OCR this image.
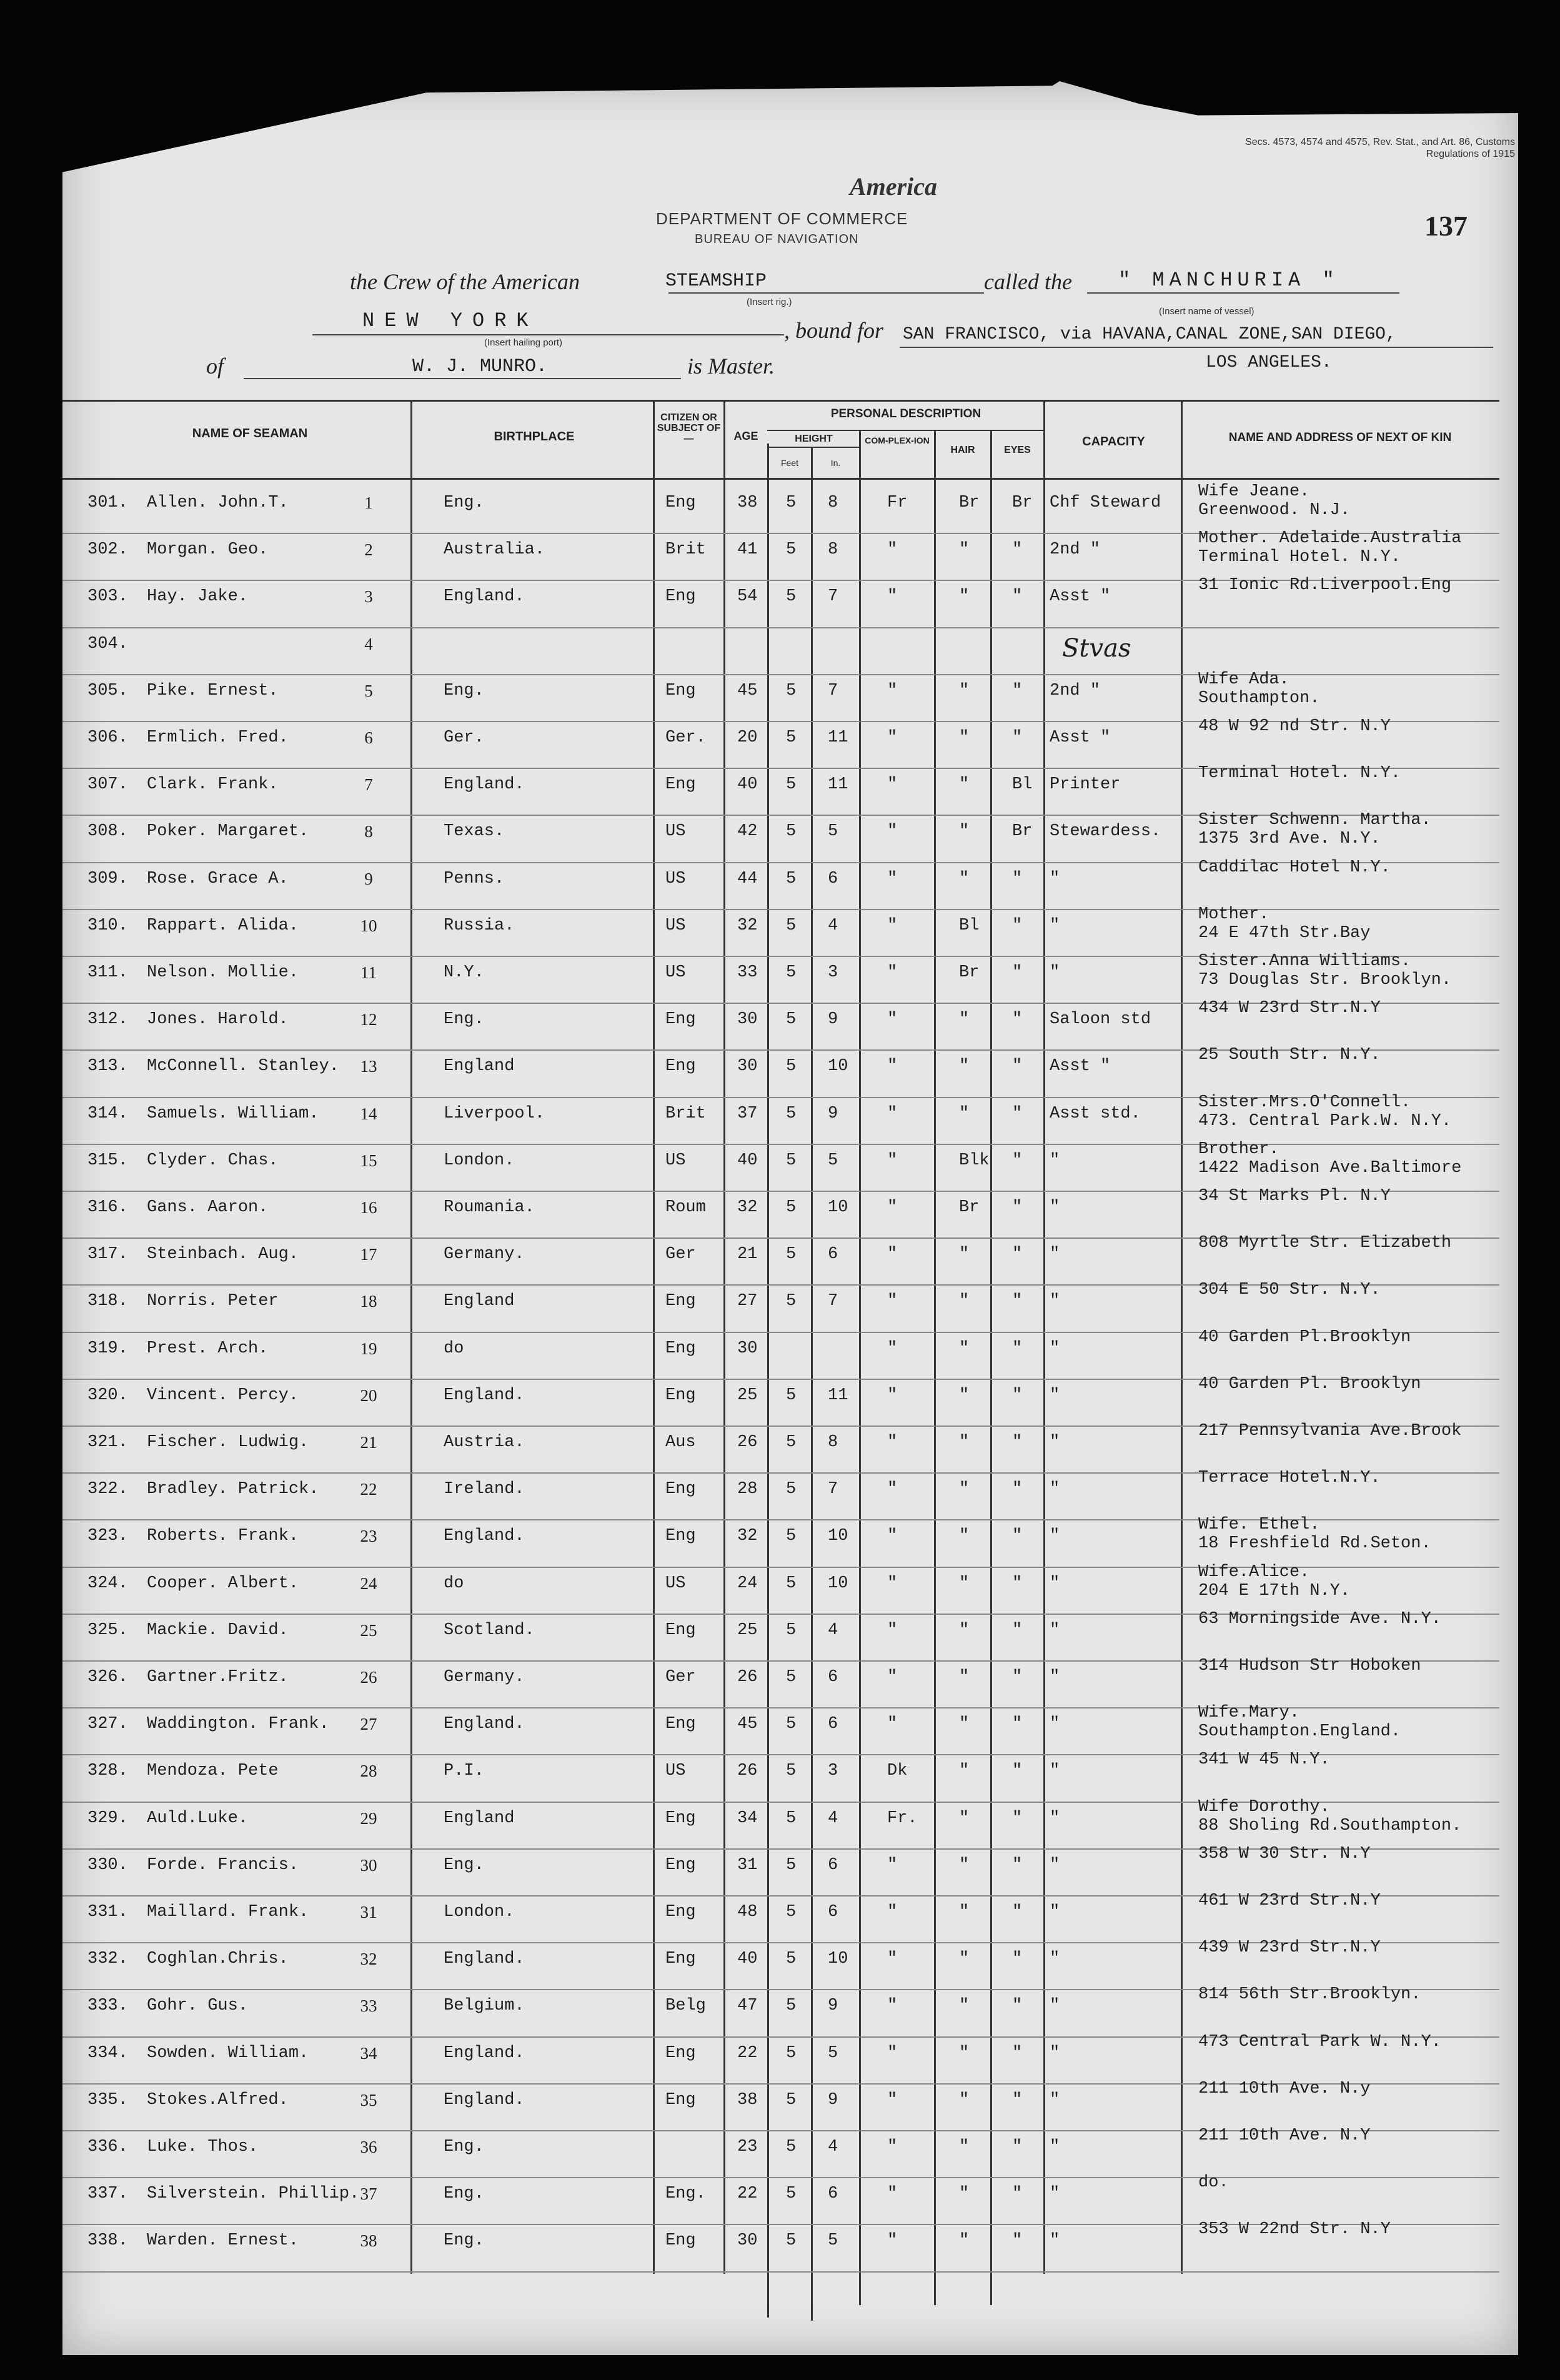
Secs. 4573, 4574 and 4575, Rev. Stat., and Art. 86, Customs Regulations of 1915
137
America
DEPARTMENT OF COMMERCE
BUREAU OF NAVIGATION
the Crew of the American	STEAMSHIP
(Insert rig.)
called the " MANCHURIA "
(Insert name of vessel)
NEW YORK
(Insert hailing port)	, bound for SAN FRANCISCO, via HAVANA,CANAL ZONE,SAN DIEGO,
LOS ANGELES.
of	W. J. MUNRO.	is Master.
NAME OF SEAMAN	BIRTHPLACE
CITIZEN OR SUBJECT OF—	AGE
PERSONAL DESCRIPTION
HEIGHT
Feet	In.
COM-PLEX-ION
HAIR	EYES
CAPACITY	NAME AND ADDRESS OF NEXT OF KIN
Stvas
301. Allen. John.T.	1	Eng.	Eng 38 5 8	Fr	Br Br Chf Steward
Wife Jeane.
Greenwood. N.J.
302. Morgan. Geo.	2	Australia.	Brit 41 5 8	"	"	" 2nd "
Mother. Adelaide.Australia
Terminal Hotel. N.Y.
303. Hay. Jake.	3	England.	Eng 54 5 7	"	"	" Asst "
31 Ionic Rd.Liverpool.Eng
304.	4
305. Pike. Ernest.	5	Eng.	Eng 45 5 7	"	"	" 2nd "
Wife Ada.
Southampton.
306. Ermlich. Fred.	6	Ger.	Ger. 20 5 11 "	"	" Asst "
48 W 92 nd Str. N.Y
307. Clark. Frank.	7	England.	Eng 40 5 11 "	"	Bl Printer
Terminal Hotel. N.Y.
308. Poker. Margaret.	8	Texas.	US	42 5 5	"	"	Br Stewardess.
Sister Schwenn. Martha.
1375 3rd Ave. N.Y.
309. Rose. Grace A.	9	Penns.	US	44 5 6	"	"	" "
Caddilac Hotel N.Y.
310. Rappart. Alida.	10	Russia.	US	32 5 4	"	Bl " "
Mother.
24 E 47th Str.Bay
311. Nelson. Mollie.	11	N.Y.	US	33 5 3	"	Br " "
Sister.Anna Williams.
73 Douglas Str. Brooklyn.
312. Jones. Harold.	12	Eng.	Eng 30 5 9	"	"	" Saloon std
434 W 23rd Str.N.Y
313. McConnell. Stanley.	13	England	Eng 30 5 10 "	"	" Asst "
25 South Str. N.Y.
314. Samuels. William.	14	Liverpool.	Brit 37 5 9	"	"	" Asst std.
Sister.Mrs.O'Connell.
473. Central Park.W. N.Y.
315. Clyder. Chas.	15	London.	US	40 5 5	"	Blk " "
Brother.
1422 Madison Ave.Baltimore
316. Gans. Aaron.	16	Roumania.	Roum 32 5 10 "	Br " "
34 St Marks Pl. N.Y
317. Steinbach. Aug.	17	Germany.	Ger 21 5 6	"	"	" "
808 Myrtle Str. Elizabeth
318. Norris. Peter	18	England	Eng 27 5 7	"	"	" "
304 E 50 Str. N.Y.
319. Prest. Arch.	19	do	Eng 30	"	"	" "
40 Garden Pl.Brooklyn
320. Vincent. Percy.	20	England.	Eng 25 5 11 "	"	" "
40 Garden Pl. Brooklyn
321. Fischer. Ludwig.	21	Austria.	Aus 26 5 8	"	"	" "
217 Pennsylvania Ave.Brook
322. Bradley. Patrick.	22	Ireland.	Eng 28 5 7	"	"	" "
Terrace Hotel.N.Y.
323. Roberts. Frank.	23	England.	Eng 32 5 10 "	"	" "
Wife. Ethel.
18 Freshfield Rd.Seton.
324. Cooper. Albert.	24	do	US	24 5 10 "	"	" "
Wife.Alice.
204 E 17th N.Y.
325. Mackie. David.	25	Scotland.	Eng 25 5 4	"	"	" "
63 Morningside Ave. N.Y.
326. Gartner.Fritz.	26	Germany.	Ger 26 5 6	"	"	" "
314 Hudson Str Hoboken
327. Waddington. Frank.	27	England.	Eng 45 5 6	"	"	" "
Wife.Mary.
Southampton.England.
328. Mendoza. Pete	28	P.I.	US	26 5 3	Dk	"	" "
341 W 45 N.Y.
329. Auld.Luke.	29	England	Eng 34 5 4	Fr. "	" "
Wife Dorothy.
88 Sholing Rd.Southampton.
330. Forde. Francis.	30	Eng.	Eng 31 5 6	"	"	" "
358 W 30 Str. N.Y
331. Maillard. Frank.	31	London.	Eng 48 5 6	"	"	" "
461 W 23rd Str.N.Y
332. Coghlan.Chris.	32	England.	Eng 40 5 10 "	"	" "
439 W 23rd Str.N.Y
333. Gohr. Gus.	33	Belgium.	Belg 47 5 9	"	"	" "
814 56th Str.Brooklyn.
334. Sowden. William.	34	England.	Eng 22 5 5	"	"	" "
473 Central Park W. N.Y.
335. Stokes.Alfred.	35	England.	Eng 38 5 9	"	"	" "
211 10th Ave. N.y
336. Luke. Thos.	36	Eng.	23 5 4	"	"	" "
211 10th Ave. N.Y
337. Silverstein. Phillip. 37	Eng.	Eng. 22 5 6	"	"	" "
do.
338. Warden. Ernest.	38	Eng.	Eng 30 5 5	"	"	" "
353 W 22nd Str. N.Y
